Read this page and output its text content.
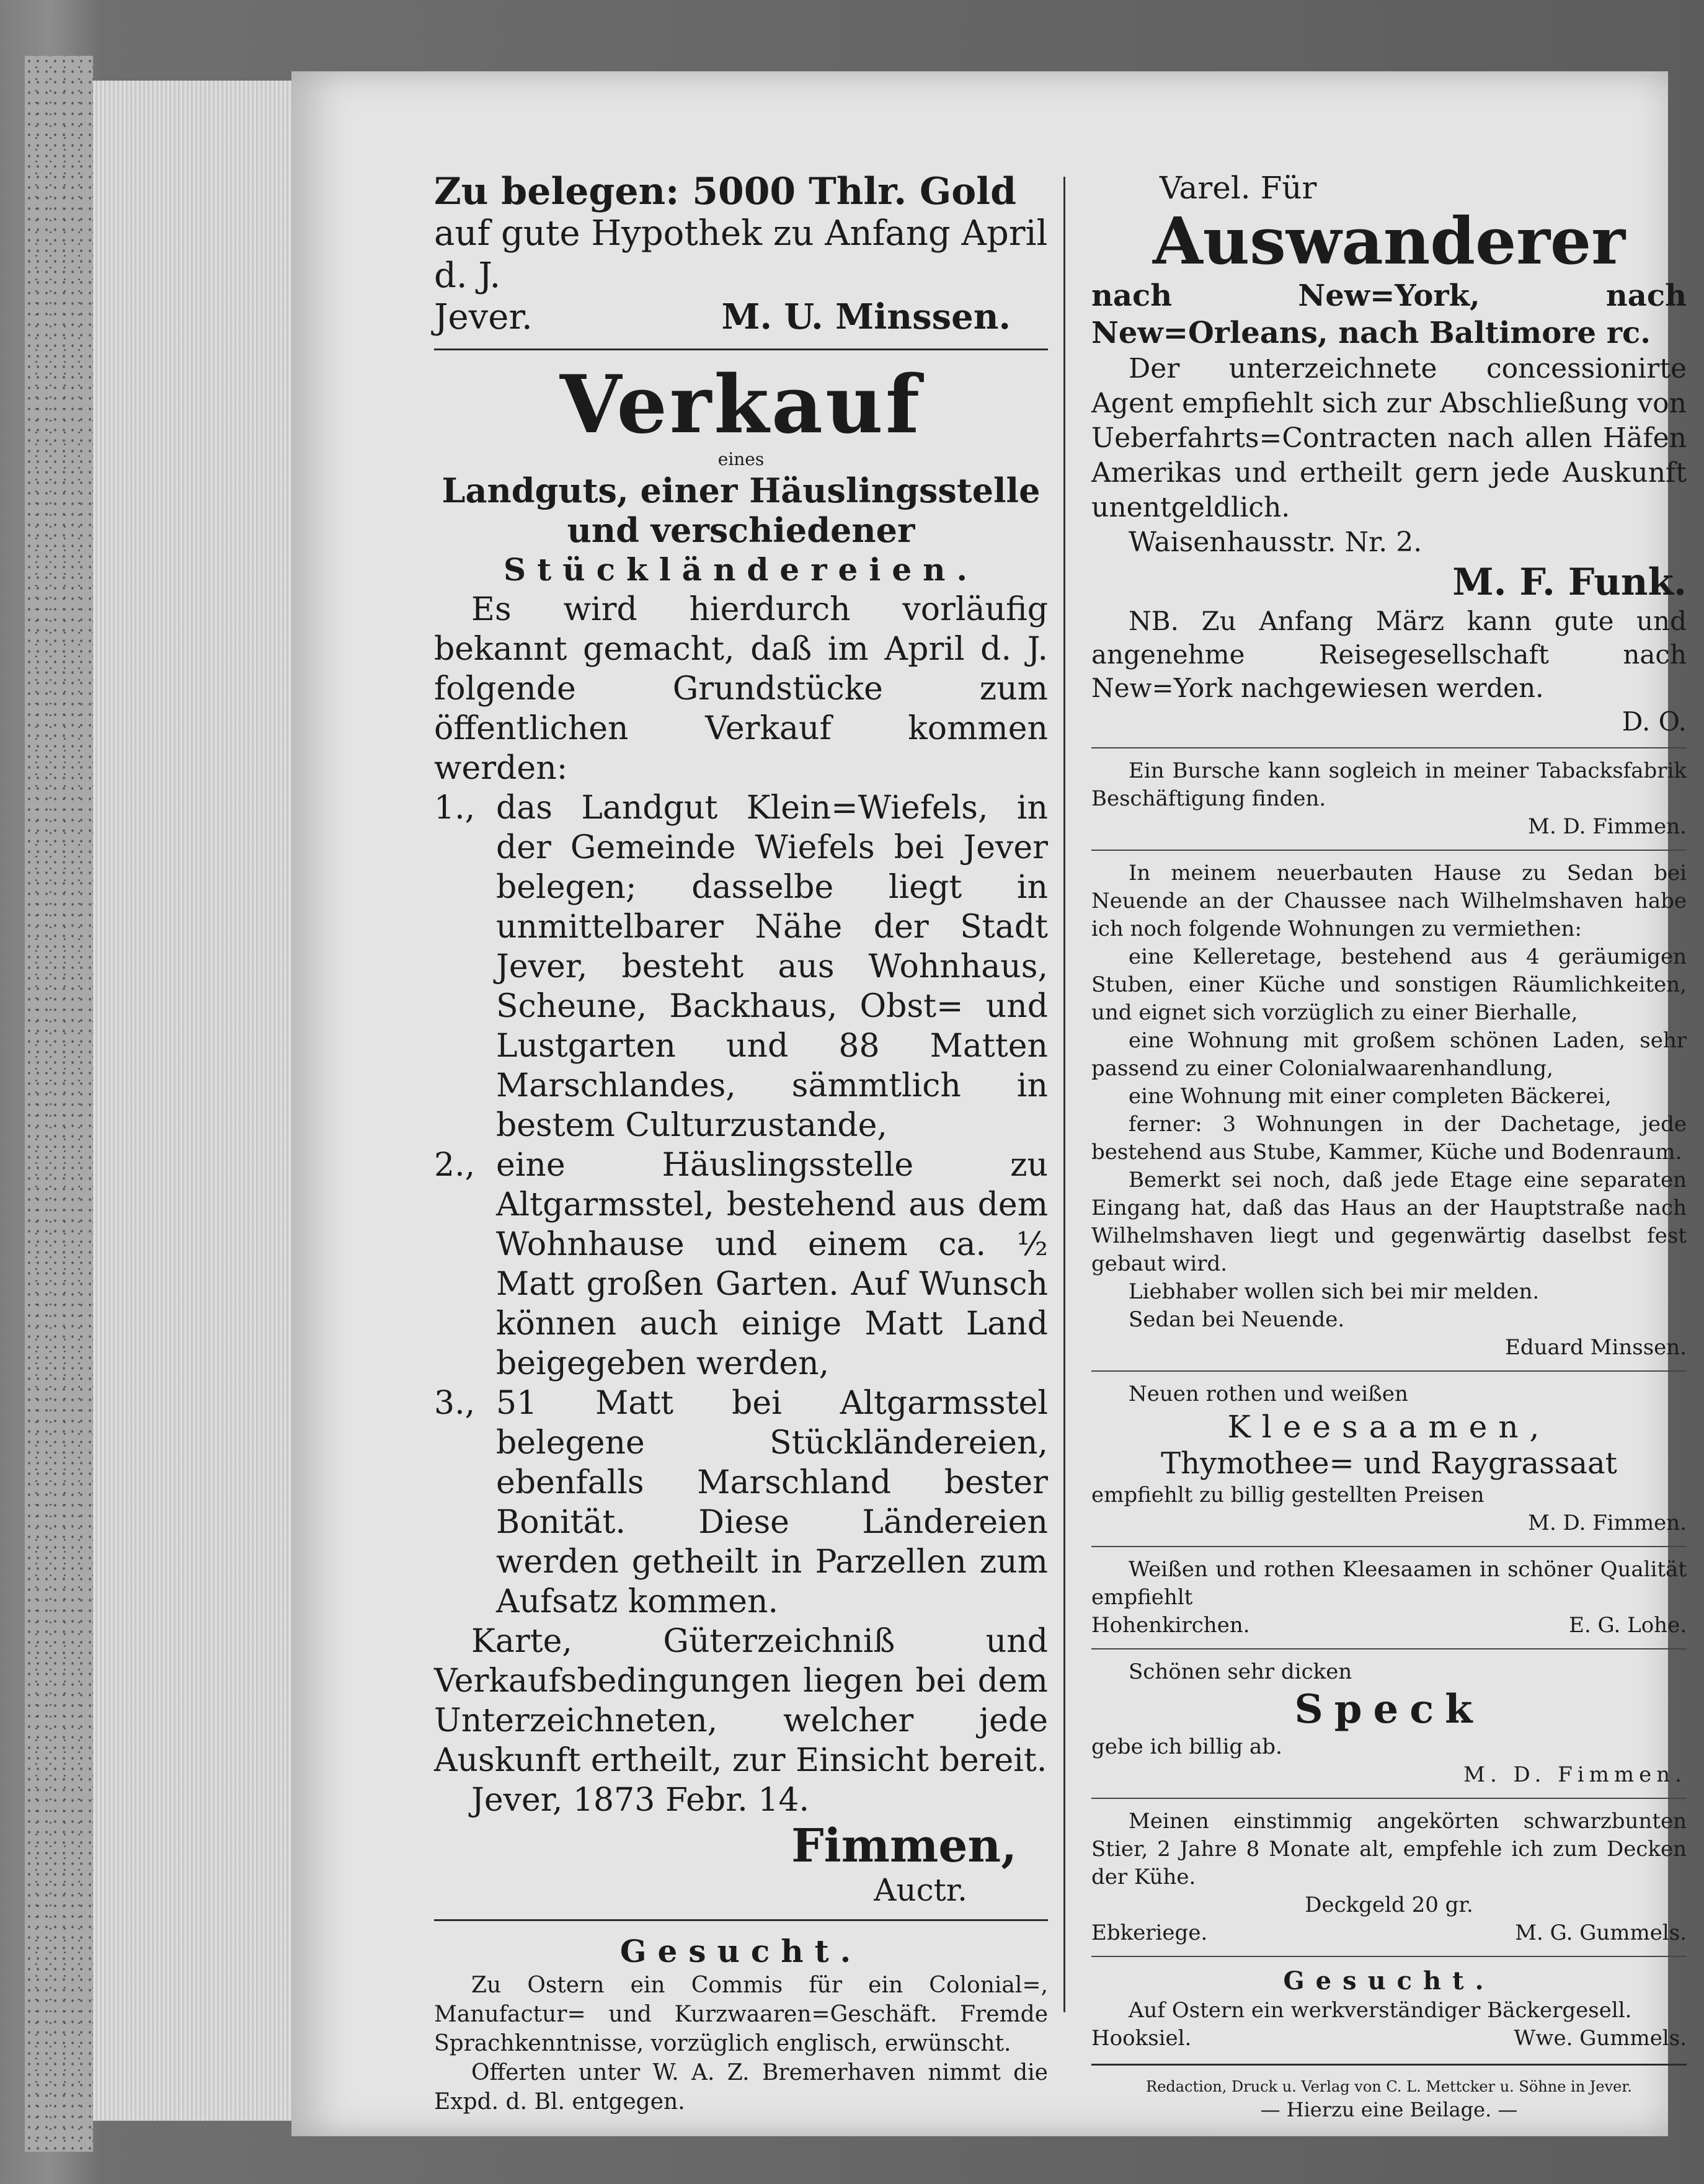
Zu belegen: 5000 Thlr. Gold

auf gute Hypothek zu Anfang April

d. J.

Jever.	M. U. Minssen.
Verkauf
eines
Landguts, einer Häuslingsstelle
und verschiedener
Stückländereien.

Es wird hierdurch vorläufig bekannt gemacht, daß im April d. J. folgende Grundstücke zum öffentlichen Verkauf kommen werden:

1., das Landgut Klein=Wiefels, in der Gemeinde Wiefels bei Jever belegen; dasselbe liegt in unmittelbarer Nähe der Stadt Jever, besteht aus Wohnhaus, Scheune, Backhaus, Obst= und Lustgarten und 88 Matten Marschlandes, sämmtlich in bestem Culturzustande,
2., eine Häuslingsstelle zu Altgarmsstel, bestehend aus dem Wohnhause und einem ca. ½ Matt großen Garten. Auf Wunsch können auch einige Matt Land beigegeben werden,
3., 51 Matt bei Altgarmsstel belegene Stückländereien, ebenfalls Marschland bester Bonität. Diese Ländereien werden getheilt in Parzellen zum Aufsatz kommen.

Karte, Güterzeichniß und Verkaufsbedingungen liegen bei dem Unterzeichneten, welcher jede Auskunft ertheilt, zur Einsicht bereit.

Jever, 1873 Febr. 14.

Fimmen,
Auctr.
Gesucht.

Zu Ostern ein Commis für ein Colonial=, Manufactur= und Kurzwaaren=Geschäft. Fremde Sprachkenntnisse, vorzüglich englisch, erwünscht.

Offerten unter W. A. Z. Bremerhaven nimmt die Expd. d. Bl. entgegen.

Varel. Für

Auswanderer

nach New=York, nach New=Orleans, nach Baltimore rc.

Der unterzeichnete concessionirte Agent empfiehlt sich zur Abschließung von Ueberfahrts=Contracten nach allen Häfen Amerikas und ertheilt gern jede Auskunft unentgeldlich.

Waisenhausstr. Nr. 2.

M. F. Funk.

NB. Zu Anfang März kann gute und angenehme Reisegesellschaft nach New=York nachgewiesen werden.

D. O.

Ein Bursche kann sogleich in meiner Tabacksfabrik Beschäftigung finden.

M. D. Fimmen.

In meinem neuerbauten Hause zu Sedan bei Neuende an der Chaussee nach Wilhelmshaven habe ich noch folgende Wohnungen zu vermiethen:

eine Kelleretage, bestehend aus 4 geräumigen Stuben, einer Küche und sonstigen Räumlichkeiten, und eignet sich vorzüglich zu einer Bierhalle,

eine Wohnung mit großem schönen Laden, sehr passend zu einer Colonialwaarenhandlung,

eine Wohnung mit einer completen Bäckerei,

ferner: 3 Wohnungen in der Dachetage, jede bestehend aus Stube, Kammer, Küche und Bodenraum.

Bemerkt sei noch, daß jede Etage eine separaten Eingang hat, daß das Haus an der Hauptstraße nach Wilhelmshaven liegt und gegenwärtig daselbst fest gebaut wird.

Liebhaber wollen sich bei mir melden.

Sedan bei Neuende.

Eduard Minssen.

Neuen rothen und weißen

Kleesaamen,
Thymothee= und Raygrassaat

empfiehlt zu billig gestellten Preisen

M. D. Fimmen.

Weißen und rothen Kleesaamen in schöner Qualität empfiehlt

Hohenkirchen.	E. G. Lohe.

Schönen sehr dicken

Speck

gebe ich billig ab.

M. D. Fimmen.

Meinen einstimmig angekörten schwarzbunten Stier, 2 Jahre 8 Monate alt, empfehle ich zum Decken der Kühe.

Deckgeld 20 gr.
Ebkeriege.	M. G. Gummels.
Gesucht.

Auf Ostern ein werkverständiger Bäckergesell.

Hooksiel.	Wwe. Gummels.
Redaction, Druck u. Verlag von C. L. Mettcker u. Söhne in Jever.
— Hierzu eine Beilage. —
